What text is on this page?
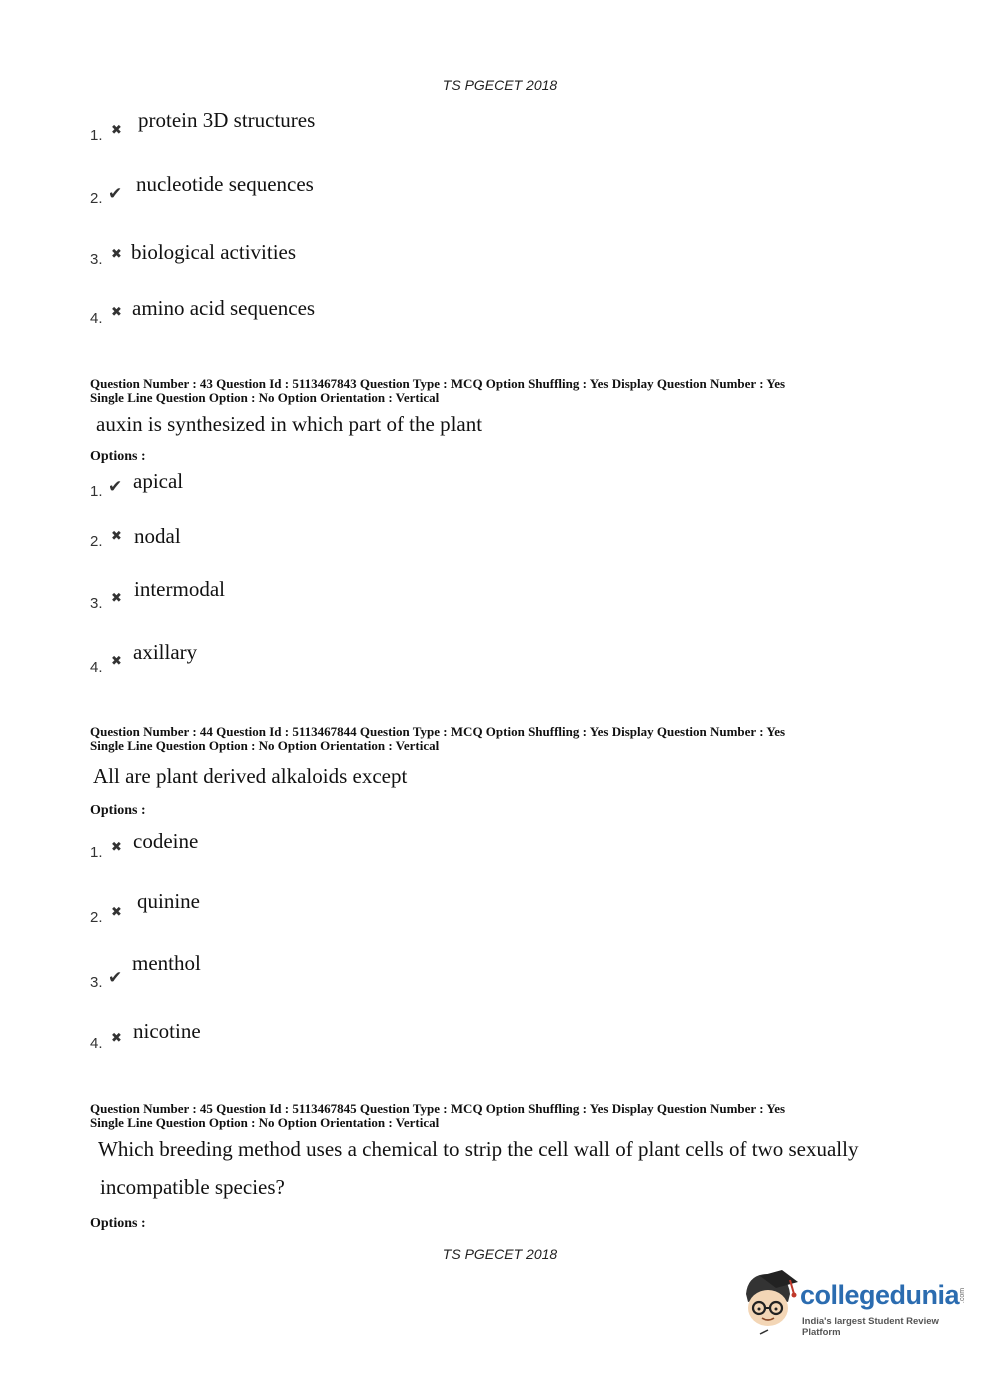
TS PGECET 2018
1. ✖ protein 3D structures
2. ✔ nucleotide sequences
3. ✖ biological activities
4. ✖ amino acid sequences
Question Number : 43 Question Id : 5113467843 Question Type : MCQ Option Shuffling : Yes Display Question Number : Yes
Single Line Question Option : No Option Orientation : Vertical
auxin is synthesized in which part of the plant
Options :
1. ✔ apical
2. ✖ nodal
3. ✖ intermodal
4. ✖ axillary
Question Number : 44 Question Id : 5113467844 Question Type : MCQ Option Shuffling : Yes Display Question Number : Yes
Single Line Question Option : No Option Orientation : Vertical
All are plant derived alkaloids except
Options :
1. ✖ codeine
2. ✖ quinine
3. ✔
menthol
4. ✖ nicotine
Question Number : 45 Question Id : 5113467845 Question Type : MCQ Option Shuffling : Yes Display Question Number : Yes
Single Line Question Option : No Option Orientation : Vertical
Which breeding method uses a chemical to strip the cell wall of plant cells of two sexually
incompatible species?
Options :
TS PGECET 2018
collegedunia .com
India's largest Student Review Platform
